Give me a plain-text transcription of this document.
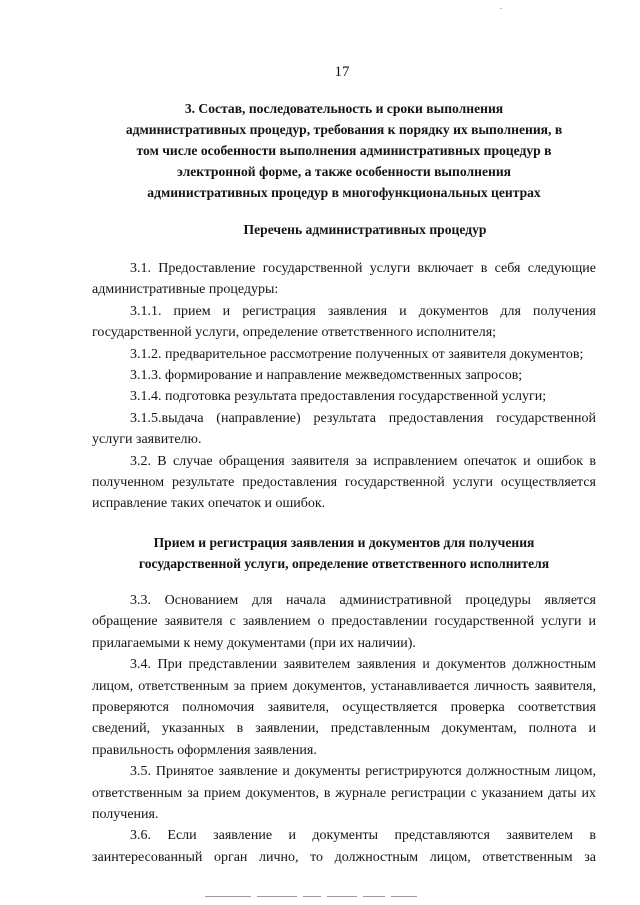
17
3. Состав, последовательность и сроки выполнения
административных процедур, требования к порядку их выполнения, в
том числе особенности выполнения административных процедур в
электронной форме, а также особенности выполнения
административных процедур в многофункциональных центрах
Перечень административных процедур

3.1. Предоставление государственной услуги включает в себя следующие административные процедуры:

3.1.1. прием и регистрация заявления и документов для получения государственной услуги, определение ответственного исполнителя;

3.1.2. предварительное рассмотрение полученных от заявителя документов;

3.1.3. формирование и направление межведомственных запросов;

3.1.4. подготовка результата предоставления государственной услуги;

3.1.5.выдача (направление) результата предоставления государственной услуги заявителю.

3.2. В случае обращения заявителя за исправлением опечаток и ошибок в полученном результате предоставления государственной услуги осуществляется исправление таких опечаток и ошибок.

Прием и регистрация заявления и документов для получения
государственной услуги, определение ответственного исполнителя

3.3. Основанием для начала административной процедуры является обращение заявителя с заявлением о предоставлении государственной услуги и прилагаемыми к нему документами (при их наличии).

3.4. При представлении заявителем заявления и документов должностным лицом, ответственным за прием документов, устанавливается личность заявителя, проверяются полномочия заявителя, осуществляется проверка соответствия сведений, указанных в заявлении, представленным документам, полнота и правильность оформления заявления.

3.5. Принятое заявление и документы регистрируются должностным лицом, ответственным за прием документов, в журнале регистрации с указанием даты их получения.

3.6. Если заявление и документы представляются заявителем в заинтересованный орган лично, то должностным лицом, ответственным за
